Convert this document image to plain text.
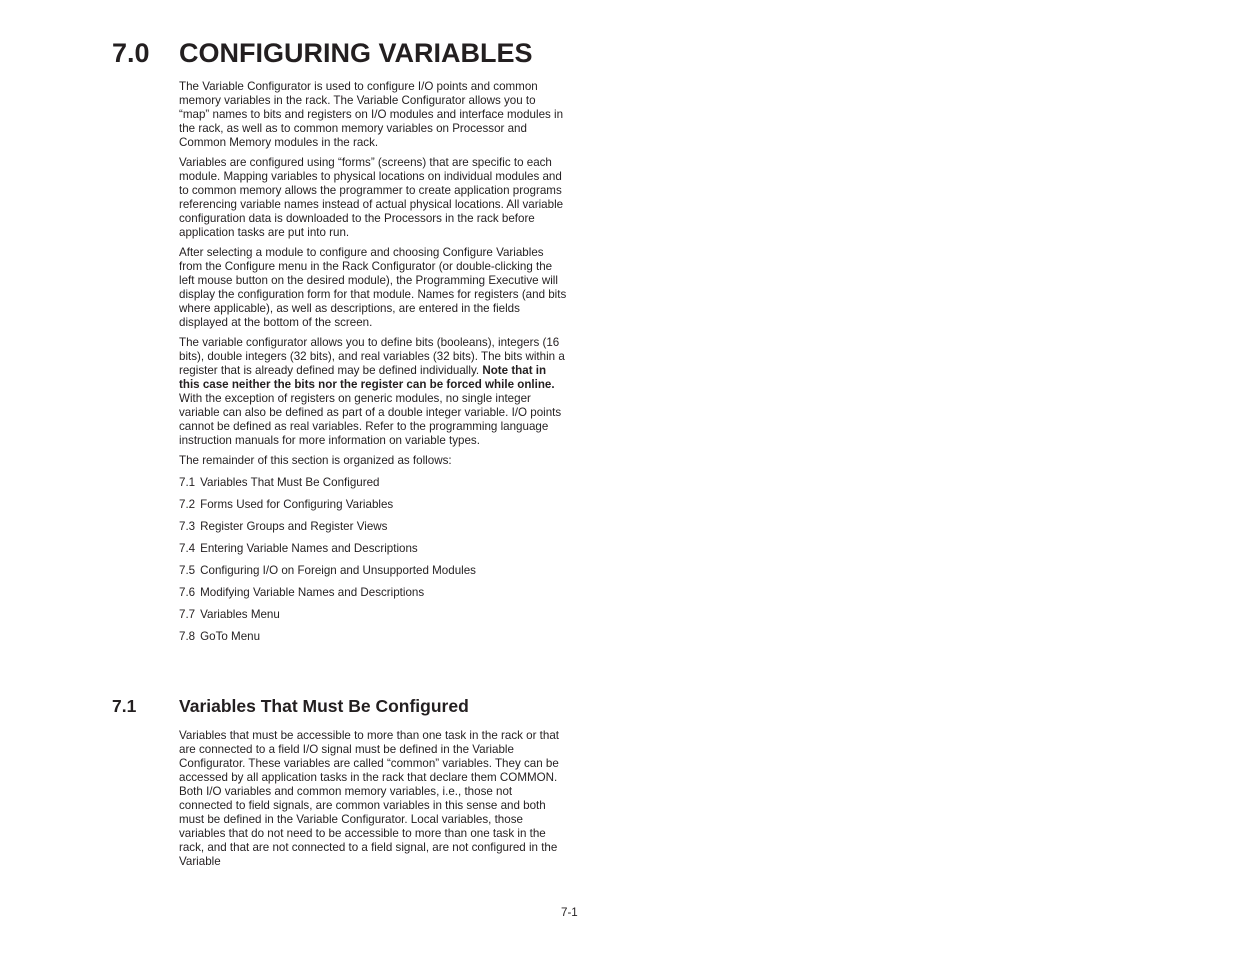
7.0 CONFIGURING VARIABLES

The Variable Configurator is used to configure I/O points and common memory variables in the rack. The Variable Configurator allows you to “map” names to bits and registers on I/O modules and interface modules in the rack, as well as to common memory variables on Processor and Common Memory modules in the rack.

Variables are configured using “forms” (screens) that are specific to each module. Mapping variables to physical locations on individual modules and to common memory allows the programmer to create application programs referencing variable names instead of actual physical locations. All variable configuration data is downloaded to the Processors in the rack before application tasks are put into run.

After selecting a module to configure and choosing Configure Variables from the Configure menu in the Rack Configurator (or double-clicking the left mouse button on the desired module), the Programming Executive will display the configuration form for that module. Names for registers (and bits where applicable), as well as descriptions, are entered in the fields displayed at the bottom of the screen.

The variable configurator allows you to define bits (booleans), integers (16 bits), double integers (32 bits), and real variables (32 bits). The bits within a register that is already defined may be defined individually. Note that in this case neither the bits nor the register can be forced while online. With the exception of registers on generic modules, no single integer variable can also be defined as part of a double integer variable. I/O points cannot be defined as real variables. Refer to the programming language instruction manuals for more information on variable types.

The remainder of this section is organized as follows:

7.1 Variables That Must Be Configured
7.2 Forms Used for Configuring Variables
7.3 Register Groups and Register Views
7.4 Entering Variable Names and Descriptions
7.5 Configuring I/O on Foreign and Unsupported Modules
7.6 Modifying Variable Names and Descriptions
7.7 Variables Menu
7.8 GoTo Menu
7.1 Variables That Must Be Configured

Variables that must be accessible to more than one task in the rack or that are connected to a field I/O signal must be defined in the Variable Configurator. These variables are called “common” variables. They can be accessed by all application tasks in the rack that declare them COMMON. Both I/O variables and common memory variables, i.e., those not connected to field signals, are common variables in this sense and both must be defined in the Variable Configurator. Local variables, those variables that do not need to be accessible to more than one task in the rack, and that are not connected to a field signal, are not configured in the Variable

7-1
